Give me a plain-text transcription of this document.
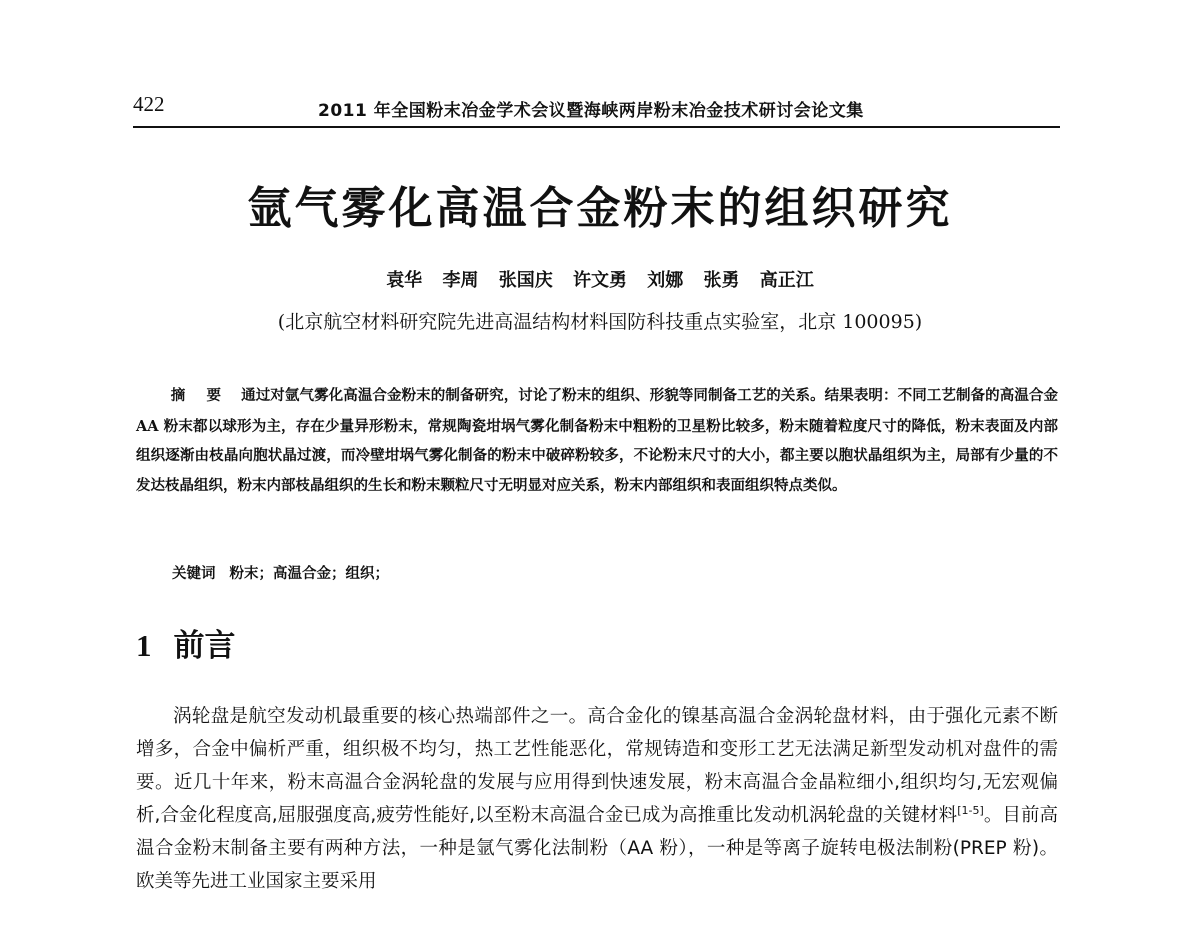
422	2011 年全国粉末冶金学术会议暨海峡两岸粉末冶金技术研讨会论文集
氩气雾化高温合金粉末的组织研究
袁华 李周 张国庆 许文勇 刘娜 张勇 高正江
(北京航空材料研究院先进高温结构材料国防科技重点实验室，北京 100095)
摘 要 通过对氩气雾化高温合金粉末的制备研究，讨论了粉末的组织、形貌等同制备工艺的关系。结果表明：不同工艺制备的高温合金 AA 粉末都以球形为主，存在少量异形粉末，常规陶瓷坩埚气雾化制备粉末中粗粉的卫星粉比较多，粉末随着粒度尺寸的降低，粉末表面及内部组织逐渐由枝晶向胞状晶过渡，而冷壁坩埚气雾化制备的粉末中破碎粉较多，不论粉末尺寸的大小，都主要以胞状晶组织为主，局部有少量的不发达枝晶组织，粉末内部枝晶组织的生长和粉末颗粒尺寸无明显对应关系，粉末内部组织和表面组织特点类似。
关键词 粉末；高温合金；组织；
1 前言
涡轮盘是航空发动机最重要的核心热端部件之一。高合金化的镍基高温合金涡轮盘材料，由于强化元素不断增多，合金中偏析严重，组织极不均匀，热工艺性能恶化，常规铸造和变形工艺无法满足新型发动机对盘件的需要。近几十年来，粉末高温合金涡轮盘的发展与应用得到快速发展，粉末高温合金晶粒细小,组织均匀,无宏观偏析,合金化程度高,屈服强度高,疲劳性能好,以至粉末高温合金已成为高推重比发动机涡轮盘的关键材料[1-5]。目前高温合金粉末制备主要有两种方法，一种是氩气雾化法制粉（AA 粉），一种是等离子旋转电极法制粉(PREP 粉)。欧美等先进工业国家主要采用
